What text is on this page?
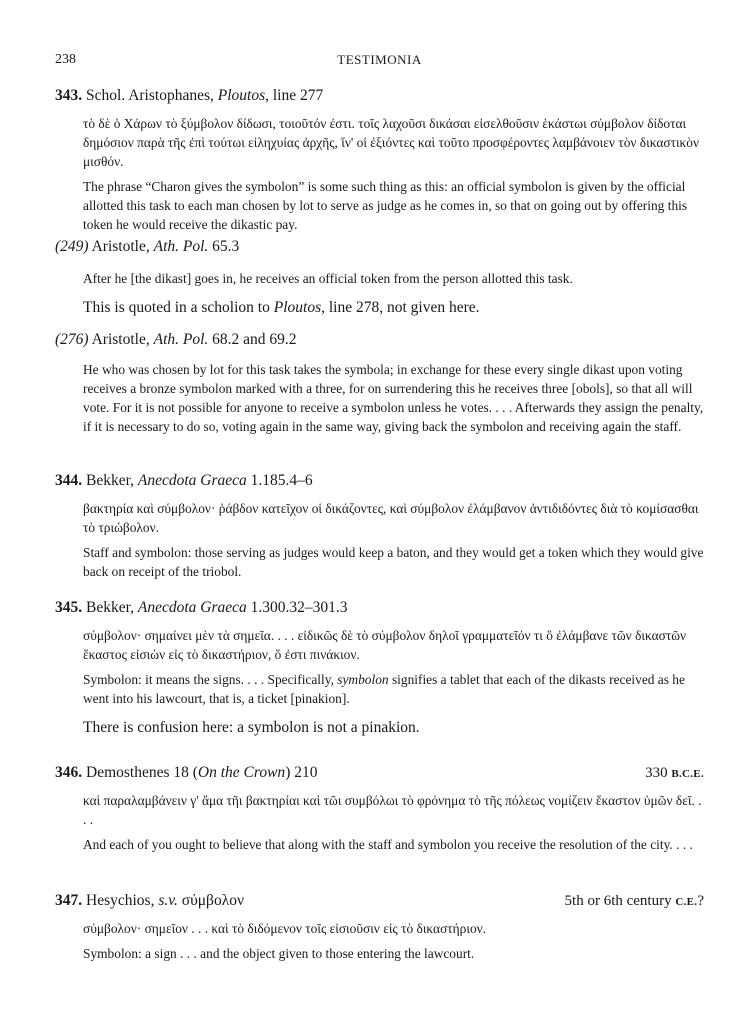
238	TESTIMONIA
343. Schol. Aristophanes, Ploutos, line 277
τὸ δὲ ὁ Χάρων τὸ ξύμβολον δίδωσι, τοιοῦτόν ἐστι. τοῖς λαχοῦσι δικάσαι εἰσελθοῦσιν ἑκάστωι σύμβολον δίδοται δημόσιον παρὰ τῆς ἐπὶ τούτωι εἰληχυίας ἀρχῆς, ἵν' οἱ ἐξιόντες καὶ τοῦτο προσφέροντες λαμβάνοιεν τὸν δικαστικὸν μισθόν.
The phrase “Charon gives the symbolon” is some such thing as this: an official symbolon is given by the official allotted this task to each man chosen by lot to serve as judge as he comes in, so that on going out by offering this token he would receive the dikastic pay.
(249) Aristotle, Ath. Pol. 65.3
After he [the dikast] goes in, he receives an official token from the person allotted this task.
This is quoted in a scholion to Ploutos, line 278, not given here.
(276) Aristotle, Ath. Pol. 68.2 and 69.2
He who was chosen by lot for this task takes the symbola; in exchange for these every single dikast upon voting receives a bronze symbolon marked with a three, for on surrendering this he receives three [obols], so that all will vote. For it is not possible for anyone to receive a symbolon unless he votes. . . . Afterwards they assign the penalty, if it is necessary to do so, voting again in the same way, giving back the symbolon and receiving again the staff.
344. Bekker, Anecdota Graeca 1.185.4–6
βακτηρία καὶ σύμβολον· ῥάβδον κατεῖχον οἱ δικάζοντες, καὶ σύμβολον ἐλάμβανον ἀντιδιδόντες διὰ τὸ κομίσασθαι τὸ τριώβολον.
Staff and symbolon: those serving as judges would keep a baton, and they would get a token which they would give back on receipt of the triobol.
345. Bekker, Anecdota Graeca 1.300.32–301.3
σύμβολον· σημαίνει μὲν τὰ σημεῖα. . . . εἰδικῶς δὲ τὸ σύμβολον δηλοῖ γραμματεῖόν τι ὃ ἐλάμβανε τῶν δικαστῶν ἕκαστος εἰσιὼν εἰς τὸ δικαστήριον, ὅ ἐστι πινάκιον.
Symbolon: it means the signs. . . . Specifically, symbolon signifies a tablet that each of the dikasts received as he went into his lawcourt, that is, a ticket [pinakion].
There is confusion here: a symbolon is not a pinakion.
346. Demosthenes 18 (On the Crown) 210	330 B.C.E.
καὶ παραλαμβάνειν γ' ἅμα τῆι βακτηρίαι καὶ τῶι συμβόλωι τὸ φρόνημα τὸ τῆς πόλεως νομίζειν ἕκαστον ὑμῶν δεῖ. . . .
And each of you ought to believe that along with the staff and symbolon you receive the resolution of the city. . . .
347. Hesychios, s.v. σύμβολον	5th or 6th century C.E.?
σύμβολον· σημεῖον . . . καὶ τὸ διδόμενον τοῖς εἰσιοῦσιν εἰς τὸ δικαστήριον.
Symbolon: a sign . . . and the object given to those entering the lawcourt.
